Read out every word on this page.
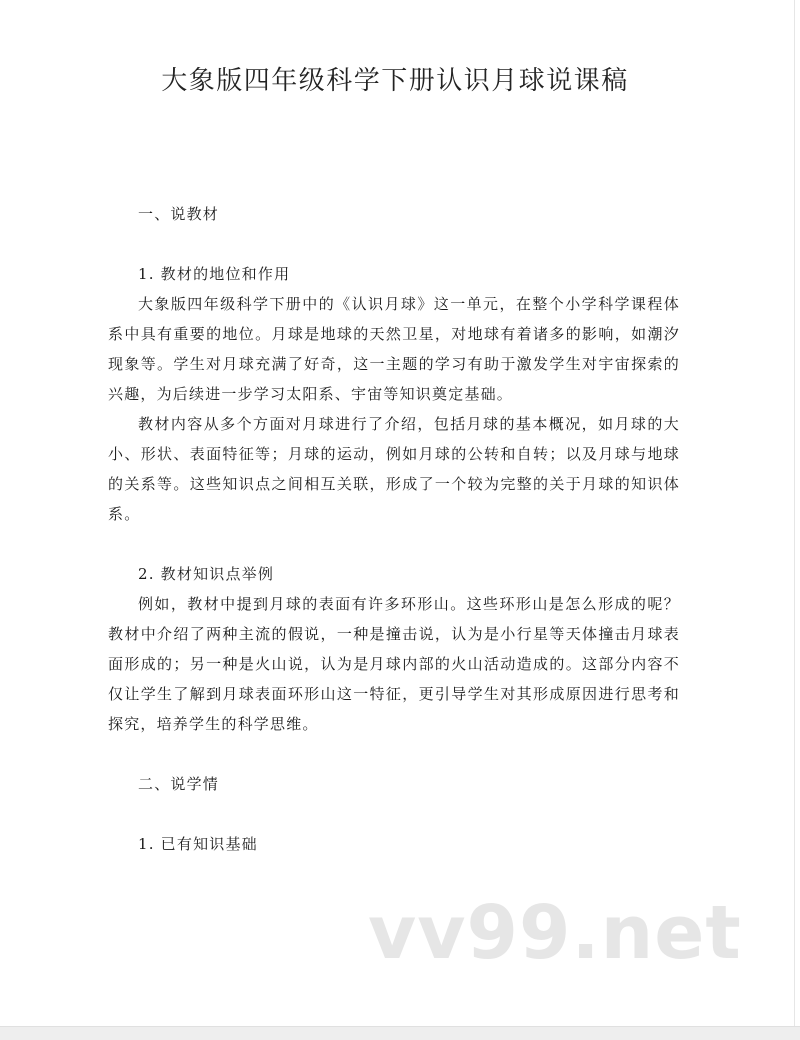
大象版四年级科学下册认识月球说课稿

一、说教材

1. 教材的地位和作用

大象版四年级科学下册中的《认识月球》这一单元，在整个小学科学课程体系中具有重要的地位。月球是地球的天然卫星，对地球有着诸多的影响，如潮汐现象等。学生对月球充满了好奇，这一主题的学习有助于激发学生对宇宙探索的兴趣，为后续进一步学习太阳系、宇宙等知识奠定基础。

教材内容从多个方面对月球进行了介绍，包括月球的基本概况，如月球的大小、形状、表面特征等；月球的运动，例如月球的公转和自转；以及月球与地球的关系等。这些知识点之间相互关联，形成了一个较为完整的关于月球的知识体系。

2. 教材知识点举例

例如，教材中提到月球的表面有许多环形山。这些环形山是怎么形成的呢？教材中介绍了两种主流的假说，一种是撞击说，认为是小行星等天体撞击月球表面形成的；另一种是火山说，认为是月球内部的火山活动造成的。这部分内容不仅让学生了解到月球表面环形山这一特征，更引导学生对其形成原因进行思考和探究，培养学生的科学思维。

二、说学情

1. 已有知识基础

vv99.net
